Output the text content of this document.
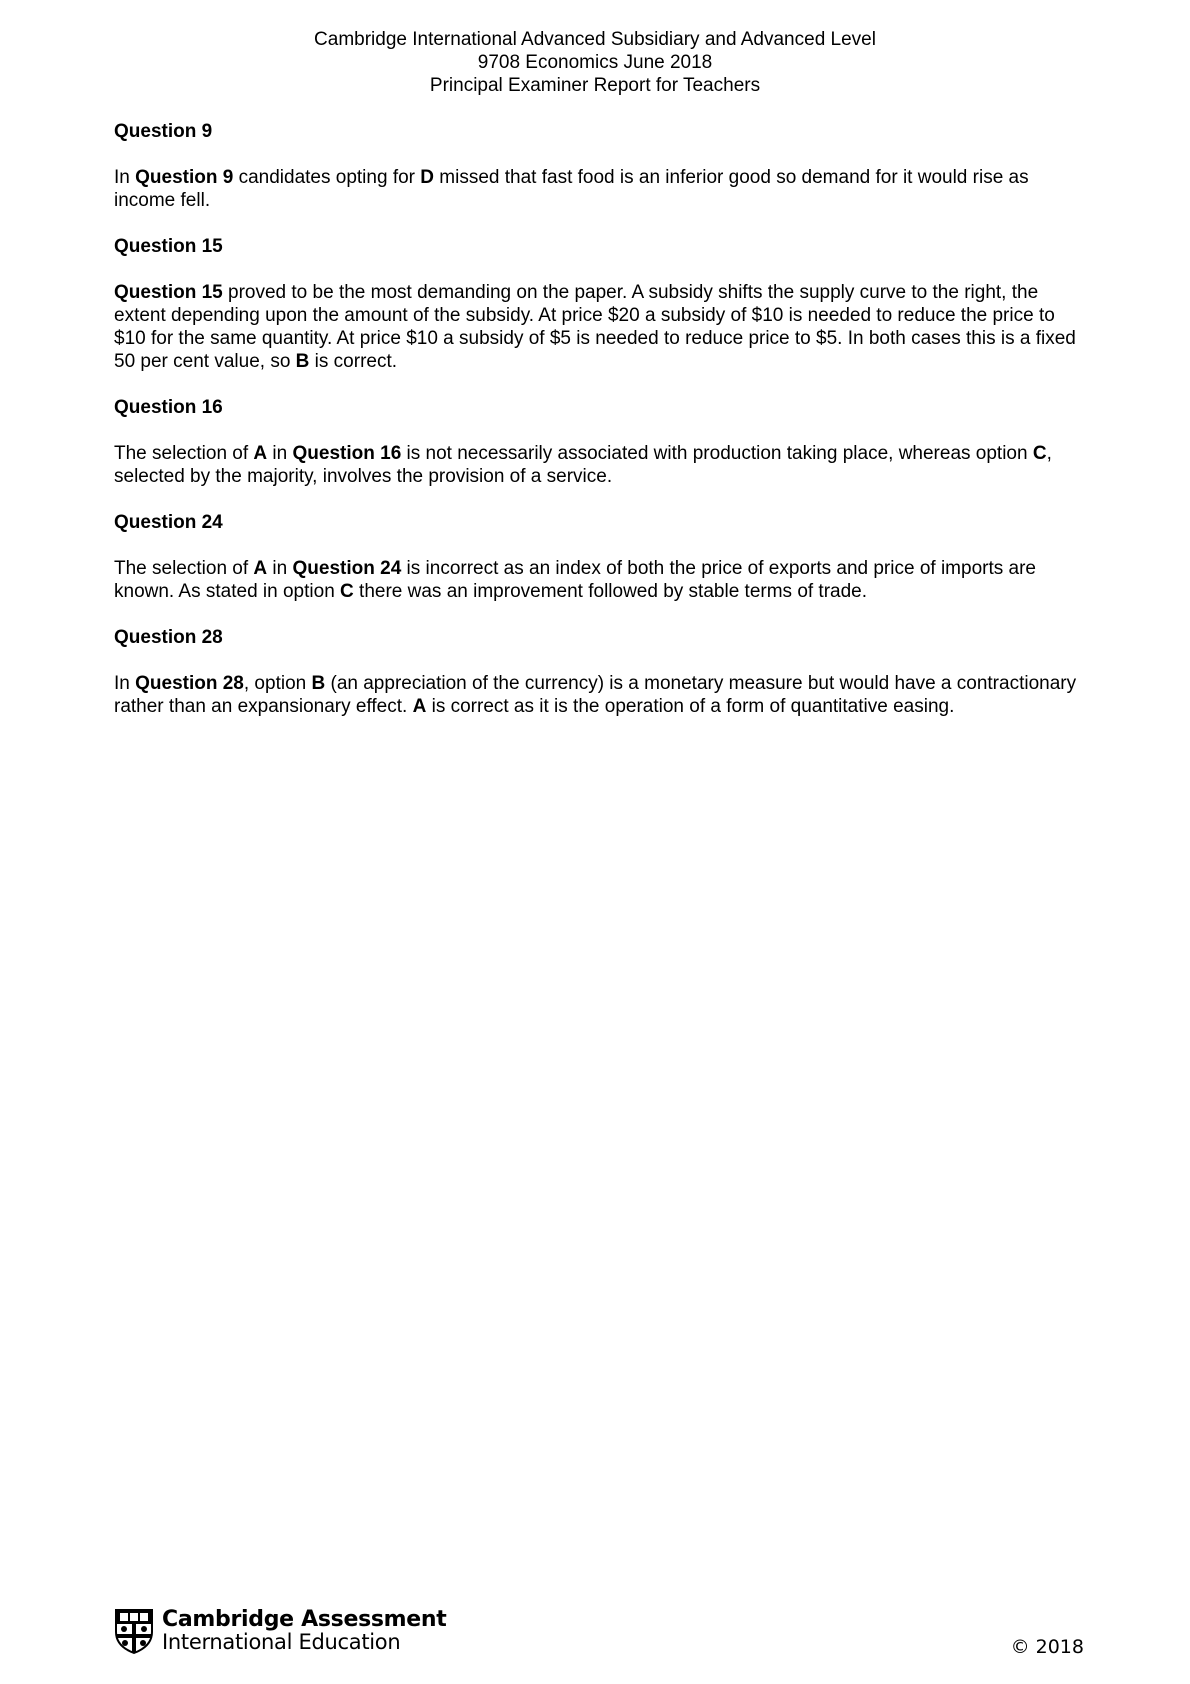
Cambridge International Advanced Subsidiary and Advanced Level
9708 Economics June 2018
Principal Examiner Report for Teachers
Question 9

In Question 9 candidates opting for D missed that fast food is an inferior good so demand for it would rise as income fell.

Question 15

Question 15 proved to be the most demanding on the paper. A subsidy shifts the supply curve to the right, the extent depending upon the amount of the subsidy. At price $20 a subsidy of $10 is needed to reduce the price to $10 for the same quantity. At price $10 a subsidy of $5 is needed to reduce price to $5. In both cases this is a fixed 50 per cent value, so B is correct.

Question 16

The selection of A in Question 16 is not necessarily associated with production taking place, whereas option C, selected by the majority, involves the provision of a service.

Question 24

The selection of A in Question 24 is incorrect as an index of both the price of exports and price of imports are known. As stated in option C there was an improvement followed by stable terms of trade.

Question 28

In Question 28, option B (an appreciation of the currency) is a monetary measure but would have a contractionary rather than an expansionary effect. A is correct as it is the operation of a form of quantitative easing.

Cambridge Assessment
International Education	© 2018
